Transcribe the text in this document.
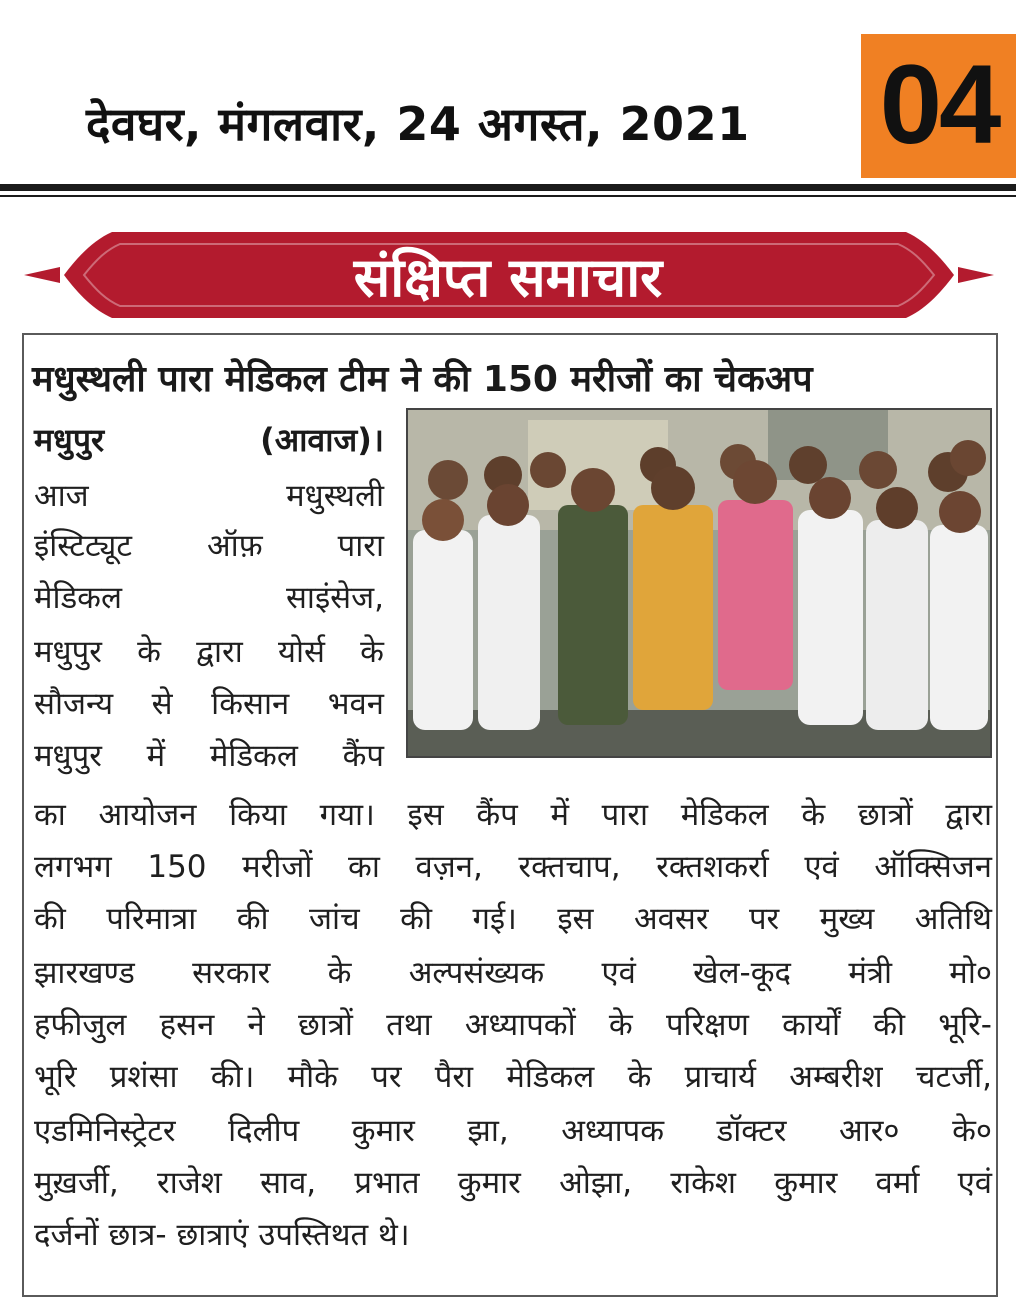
देवघर, मंगलवार, 24 अगस्त, 2021 04
संक्षिप्त समाचार
मधुस्थली पारा मेडिकल टीम ने की 150 मरीजों का चेकअप
मधुपुर (आवाज)।
आज मधुस्थली
इंस्टिट्यूट ऑफ़ पारा
मेडिकल साइंसेज,
मधुपुर के द्वारा योर्स के
सौजन्य से किसान भवन
मधुपुर में मेडिकल कैंप
का आयोजन किया गया। इस कैंप में पारा मेडिकल के छात्रों द्वारा
लगभग 150 मरीजों का वज़न, रक्तचाप, रक्तशकर्रा एवं ऑक्सिजन
की परिमात्रा की जांच की गई। इस अवसर पर मुख्य अतिथि
झारखण्ड सरकार के अल्पसंख्यक एवं खेल-कूद मंत्री मो०
हफीजुल हसन ने छात्रों तथा अध्यापकों के परिक्षण कार्यों की भूरि-
भूरि प्रशंसा की। मौके पर पैरा मेडिकल के प्राचार्य अम्बरीश चटर्जी,
एडमिनिस्ट्रेटर दिलीप कुमार झा, अध्यापक डॉक्टर आर० के०
मुख़र्जी, राजेश साव, प्रभात कुमार ओझा, राकेश कुमार वर्मा एवं
दर्जनों छात्र- छात्राएं उपस्तिथत थे।
